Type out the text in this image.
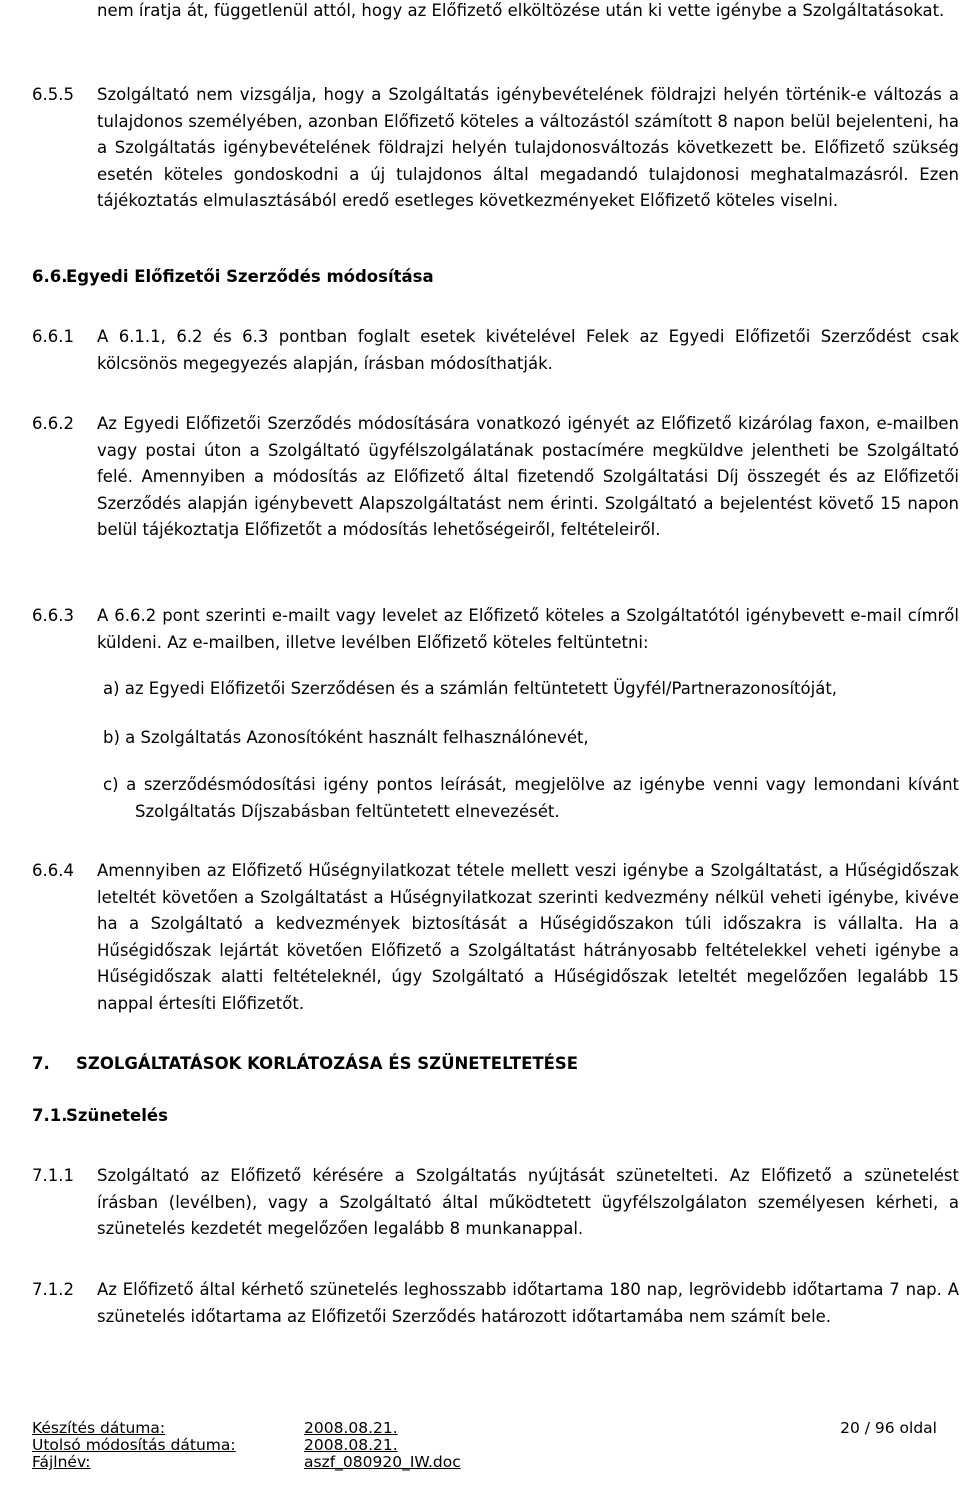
nem íratja át, függetlenül attól, hogy az Előfizető elköltözése után ki vette igénybe a Szolgáltatásokat.

6.5.5 Szolgáltató nem vizsgálja, hogy a Szolgáltatás igénybevételének földrajzi helyén történik-e változás a tulajdonos személyében, azonban Előfizető köteles a változástól számított 8 napon belül bejelenteni, ha a Szolgáltatás igénybevételének földrajzi helyén tulajdonosváltozás következett be. Előfizető szükség esetén köteles gondoskodni a új tulajdonos által megadandó tulajdonosi meghatalmazásról. Ezen tájékoztatás elmulasztásából eredő esetleges következményeket Előfizető köteles viselni.

6.6.
Egyedi Előfizetői Szerződés módosítása
6.6.1 A 6.1.1, 6.2 és 6.3 pontban foglalt esetek kivételével Felek az Egyedi Előfizetői Szerződést csak kölcsönös megegyezés alapján, írásban módosíthatják.

6.6.2 Az Egyedi Előfizetői Szerződés módosítására vonatkozó igényét az Előfizető kizárólag faxon, e-mailben vagy postai úton a Szolgáltató ügyfélszolgálatának postacímére megküldve jelentheti be Szolgáltató felé. Amennyiben a módosítás az Előfizető által fizetendő Szolgáltatási Díj összegét és az Előfizetői Szerződés alapján igénybevett Alapszolgáltatást nem érinti. Szolgáltató a bejelentést követő 15 napon belül tájékoztatja Előfizetőt a módosítás lehetőségeiről, feltételeiről.

6.6.3 A 6.6.2 pont szerinti e-mailt vagy levelet az Előfizető köteles a Szolgáltatótól igénybevett e-mail címről küldeni. Az e-mailben, illetve levélben Előfizető köteles feltüntetni:

a) az Egyedi Előfizetői Szerződésen és a számlán feltüntetett Ügyfél/Partnerazonosítóját,

b) a Szolgáltatás Azonosítóként használt felhasználónevét,

c) a szerződésmódosítási igény pontos leírását, megjelölve az igénybe venni vagy lemondani kívánt Szolgáltatás Díjszabásban feltüntetett elnevezését.

6.6.4 Amennyiben az Előfizető Hűségnyilatkozat tétele mellett veszi igénybe a Szolgáltatást, a Hűségidőszak leteltét követően a Szolgáltatást a Hűségnyilatkozat szerinti kedvezmény nélkül veheti igénybe, kivéve ha a Szolgáltató a kedvezmények biztosítását a Hűségidőszakon túli időszakra is vállalta. Ha a Hűségidőszak lejártát követően Előfizető a Szolgáltatást hátrányosabb feltételekkel veheti igénybe a Hűségidőszak alatti feltételeknél, úgy Szolgáltató a Hűségidőszak leteltét megelőzően legalább 15 nappal értesíti Előfizetőt.

7. SZOLGÁLTATÁSOK KORLÁTOZÁSA ÉS SZÜNETELTETÉSE
7.1.
Szünetelés
7.1.1 Szolgáltató az Előfizető kérésére a Szolgáltatás nyújtását szünetelteti. Az Előfizető a szünetelést írásban (levélben), vagy a Szolgáltató által működtetett ügyfélszolgálaton személyesen kérheti, a szünetelés kezdetét megelőzően legalább 8 munkanappal.

7.1.2 Az Előfizető által kérhető szünetelés leghosszabb időtartama 180 nap, legrövidebb időtartama 7 nap. A szünetelés időtartama az Előfizetői Szerződés határozott időtartamába nem számít bele.

Készítés dátuma:	2008.08.21.	20 / 96 oldal
Utolsó módosítás dátuma:	2008.08.21.	
Fájlnév:	aszf_080920_IW.doc	
